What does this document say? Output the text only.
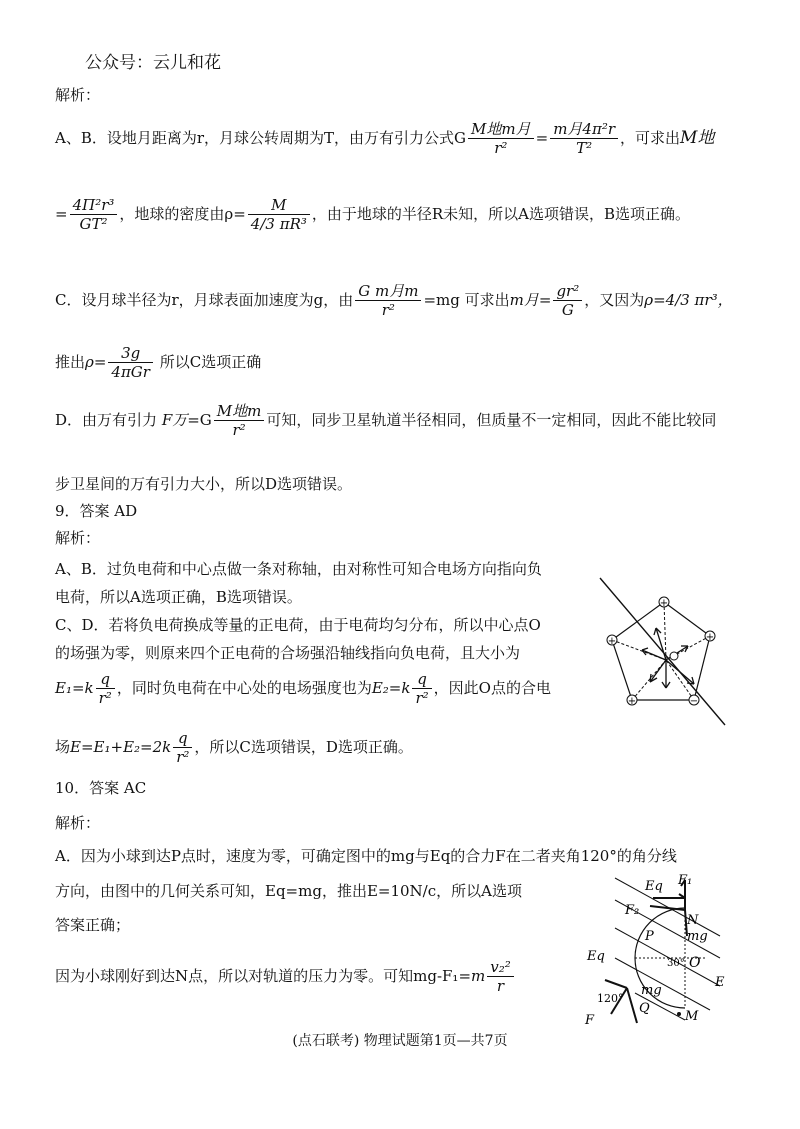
公众号：云儿和花
解析：
A、B．设地月距离为r，月球公转周期为T，由万有引力公式G $\frac{\text{M地m月}}{\text{r²}} = \frac{\text{m月4π²r}}{\text{T²}}$ ，可求出M地
= $\frac{\text{4Π²r³}}{\text{GT²}}$ ，地球的密度由$\rho= \frac{M}{\text{4/3 πR³}}$ ，由于地球的半径R未知，所以A选项错误，B选项正确。
C．设月球半径为r，月球表面加速度为g，由 $\frac{\text{G m月m}}{\text{r²}} =mg$ 可求出m月= $\frac{\text{gr²}}{G}$ ，又因为ρ=4/3 πr³，
推出$\rho= \frac{3g}{\text{4πGr}}$ 所以C选项正确
D．由万有引力 F万$=G \frac{\text{M地m}}{\text{r²}}$ 可知，同步卫星轨道半径相同，但质量不一定相同，因此不能比较同
步卫星间的万有引力大小，所以D选项错误。
9．答案 AD
解析：
A、B．过负电荷和中心点做一条对称轴，由对称性可知合电场方向指向负
电荷，所以A选项正确，B选项错误。
C、D．若将负电荷换成等量的正电荷，由于电荷均匀分布，所以中心点O
的场强为零，则原来四个正电荷的合场强沿轴线指向负电荷，且大小为
$E_1=k \frac{q}{\text{r²}}$ ，同时负电荷在中心处的电场强度也为$E_2=k \frac{q}{\text{r²}}$ ，因此O点的合电
场$E=E_1+E_2=2k \frac{q}{\text{r²}}$ ，所以C选项错误，D选项正确。
+
+
−
+
+
10．答案 AC
解析：
A．因为小球到达P点时，速度为零，可确定图中的mg与Eq的合力F在二者夹角120°的角分线
方向，由图中的几何关系可知，Eq=mg，推出E=10N/c，所以A选项
答案正确；
因为小球刚好到达N点，所以对轨道的压力为零。可知$mg-F_1=m \frac{\text{v₂²}}{r}$
Eq F₁
F₂
N
mg
P
30° O
E
Eq
mg
120°
Q
F	M
(点石联考) 物理试题第1页—共7页
